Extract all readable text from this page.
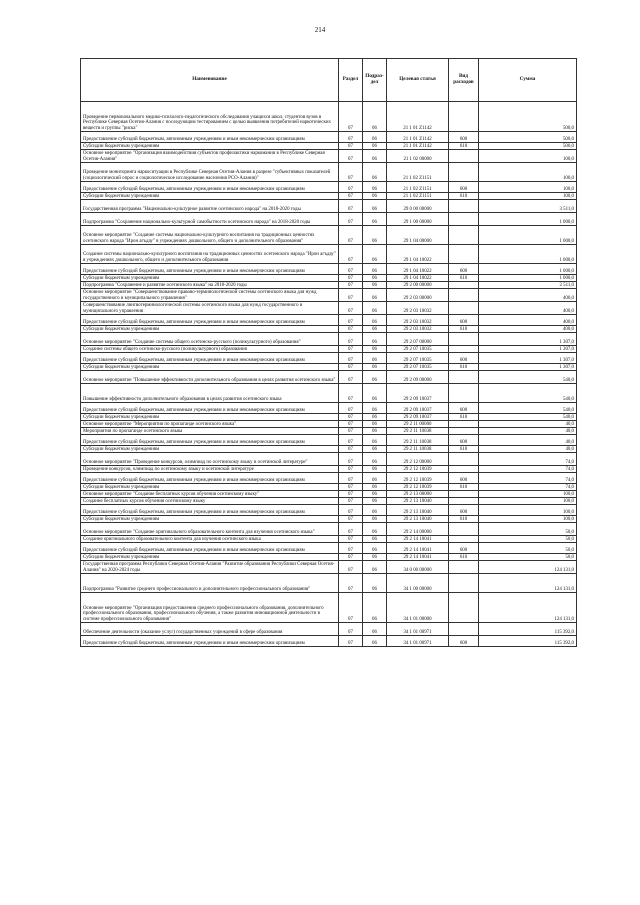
214
Наименование	Раздел	Подраз-дел	Целевая статья	Вид расходов	Сумма
Проведение первоначального медико-психолого-педагогического обследования учащихся школ, студентов вузов в Республике Северная Осетия-Алания с последующим тестированием с целью выявления потребителей наркотических веществ и группы "риска"	07	06	21 1 01 Z1142		500,0
Предоставление субсидий бюджетным, автономным учреждениям и иным некоммерческим организациям	07	06	21 1 01 Z1142	600	500,0
Субсидии бюджетным учреждениям	07	06	21 1 01 Z1142	610	500,0
Основное мероприятие "Организация взаимодействия субъектов профилактики наркомании в Республике Северная Осетия-Алания"	07	06	21 1 02 00000		100,0
Проведение мониторинга наркоситуации в Республике Северная Осетия-Алания в разрезе "субъективных показателей (социологический опрос и социологическое исследование населения РСО-Алания)"	07	06	21 1 02 Z1151		100,0
Предоставление субсидий бюджетным, автономным учреждениям и иным некоммерческим организациям	07	06	21 1 02 Z1151	600	100,0
Субсидии бюджетным учреждениям	07	06	21 1 02 Z1151	610	100,0
Государственная программа "Национально-культурное развитие осетинского народа" на 2018-2020 годы	07	06	29 0 00 00000		3 511,0
Подпрограмма "Сохранение национально-культурной самобытности осетинского народа" на 2018-2020 годы	07	06	29 1 00 00000		1 000,0
Основное мероприятие "Создание системы национально-культурного воспитания на традиционных ценностях осетинского народа "Ирон агъдау" в учреждениях дошкольного, общего и дополнительного образования"	07	06	29 1 04 00000		1 000,0
Создание системы национально-культурного воспитания на традиционных ценностях осетинского народа "Ирон агъдау" в учреждениях дошкольного, общего и дополнительного образования	07	06	29 1 04 10022		1 000,0
Предоставление субсидий бюджетным, автономным учреждениям и иным некоммерческим организациям	07	06	29 1 04 10022	600	1 000,0
Субсидии бюджетным учреждениям	07	06	29 1 04 10022	610	1 000,0
Подпрограмма "Сохранение и развитие осетинского языка" на 2018-2020 годы	07	06	29 2 00 00000		2 511,0
Основное мероприятие "Совершенствование правово-терминологической системы осетинского языка для нужд государственного и муниципального управления"	07	06	29 2 03 00000		400,0
Совершенствование лингвотерминологической системы осетинского языка для нужд государственного и муниципального управления	07	06	29 2 03 10032		400,0
Предоставление субсидий бюджетным, автономным учреждениям и иным некоммерческим организациям	07	06	29 2 03 10032	600	400,0
Субсидии бюджетным учреждениям	07	06	29 2 03 10032	610	400,0
Основное мероприятие "Создание системы общего осетинско-русского (поликультурного) образования"	07	06	29 2 07 00000		1 307,0
Создание системы общего осетинско-русского (поликультурного) образования	07	06	29 2 07 10035		1 307,0
Предоставление субсидий бюджетным, автономным учреждениям и иным некоммерческим организациям	07	06	29 2 07 10035	600	1 307,0
Субсидии бюджетным учреждениям	07	06	29 2 07 10035	610	1 307,0
Основное мероприятие "Повышение эффективности дополнительного образования в целях развития осетинского языка"	07	06	29 2 09 00000		540,0
Повышение эффективности дополнительного образования в целях развития осетинского языка	07	06	29 2 09 10037		540,0
Предоставление субсидий бюджетным, автономным учреждениям и иным некоммерческим организациям	07	06	29 2 09 10037	600	540,0
Субсидии бюджетным учреждениям	07	06	29 2 09 10037	610	540,0
Основное мероприятие "Мероприятия по пропаганде осетинского языка"	07	06	29 2 11 00000		40,0
Мероприятия по пропаганде осетинского языка	07	06	29 2 11 10038		40,0
Предоставление субсидий бюджетным, автономным учреждениям и иным некоммерческим организациям	07	06	29 2 11 10038	600	40,0
Субсидии бюджетным учреждениям	07	06	29 2 11 10038	610	40,0
Основное мероприятие "Проведение конкурсов, олимпиад по осетинскому языку и осетинской литературе"	07	06	29 2 12 00000		74,0
Проведение конкурсов, олимпиад по осетинскому языку и осетинской литературе	07	06	29 2 12 10039		74,0
Предоставление субсидий бюджетным, автономным учреждениям и иным некоммерческим организациям	07	06	29 2 12 10039	600	74,0
Субсидии бюджетным учреждениям	07	06	29 2 12 10039	610	74,0
Основное мероприятие "Создание бесплатных курсов обучения осетинскому языку"	07	06	29 2 13 00000		100,0
Создание бесплатных курсов обучения осетинскому языку	07	06	29 2 13 10040		100,0
Предоставление субсидий бюджетным, автономным учреждениям и иным некоммерческим организациям	07	06	29 2 13 10040	600	100,0
Субсидии бюджетным учреждениям	07	06	29 2 13 10040	610	100,0
Основное мероприятие "Создание оригинального образовательного контента для изучения осетинского языка"	07	06	29 2 14 00000		50,0
Создание оригинального образовательного контента для изучения осетинского языка	07	06	29 2 14 10041		50,0
Предоставление субсидий бюджетным, автономным учреждениям и иным некоммерческим организациям	07	06	29 2 14 10041	600	50,0
Субсидии бюджетным учреждениям	07	06	29 2 14 10041	610	50,0
Государственная программа Республики Северная Осетия-Алания "Развитие образования Республики Северная Осетия-Алания" на 2020-2024 годы	07	06	34 0 00 00000		124 131,0
Подпрограмма "Развитие среднего профессионального и дополнительного профессионального образования"	07	06	34 1 00 00000		124 131,0
Основное мероприятие "Организация предоставления среднего профессионального образования, дополнительного профессионального образования, профессионального обучения, а также развития инновационной деятельности в системе профессионального образования"	07	06	34 1 01 00000		124 131,0
Обеспечение деятельности (оказание услуг) государственных учреждений в сфере образования	07	06	34 1 01 00971		115 392,0
Предоставление субсидий бюджетным, автономным учреждениям и иным некоммерческим организациям	07	06	34 1 01 00971	600	115 392,0
